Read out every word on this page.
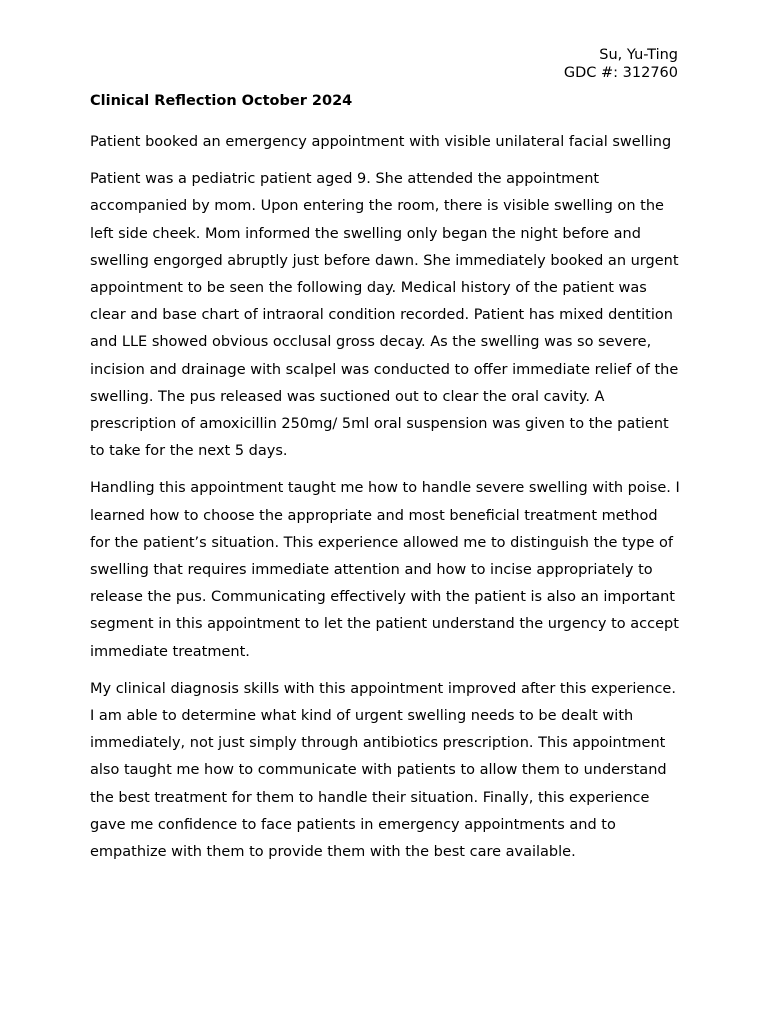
Su, Yu-Ting
GDC #: 312760
Clinical Reflection October 2024

Patient booked an emergency appointment with visible unilateral facial swelling

Patient was a pediatric patient aged 9. She attended the appointment accompanied by mom. Upon entering the room, there is visible swelling on the left side cheek. Mom informed the swelling only began the night before and swelling engorged abruptly just before dawn. She immediately booked an urgent appointment to be seen the following day. Medical history of the patient was clear and base chart of intraoral condition recorded. Patient has mixed dentition and LLE showed obvious occlusal gross decay. As the swelling was so severe, incision and drainage with scalpel was conducted to offer immediate relief of the swelling. The pus released was suctioned out to clear the oral cavity. A prescription of amoxicillin 250mg/ 5ml oral suspension was given to the patient to take for the next 5 days.

Handling this appointment taught me how to handle severe swelling with poise. I learned how to choose the appropriate and most beneficial treatment method for the patient’s situation. This experience allowed me to distinguish the type of swelling that requires immediate attention and how to incise appropriately to release the pus. Communicating effectively with the patient is also an important segment in this appointment to let the patient understand the urgency to accept immediate treatment.

My clinical diagnosis skills with this appointment improved after this experience. I am able to determine what kind of urgent swelling needs to be dealt with immediately, not just simply through antibiotics prescription. This appointment also taught me how to communicate with patients to allow them to understand the best treatment for them to handle their situation. Finally, this experience gave me confidence to face patients in emergency appointments and to empathize with them to provide them with the best care available.
